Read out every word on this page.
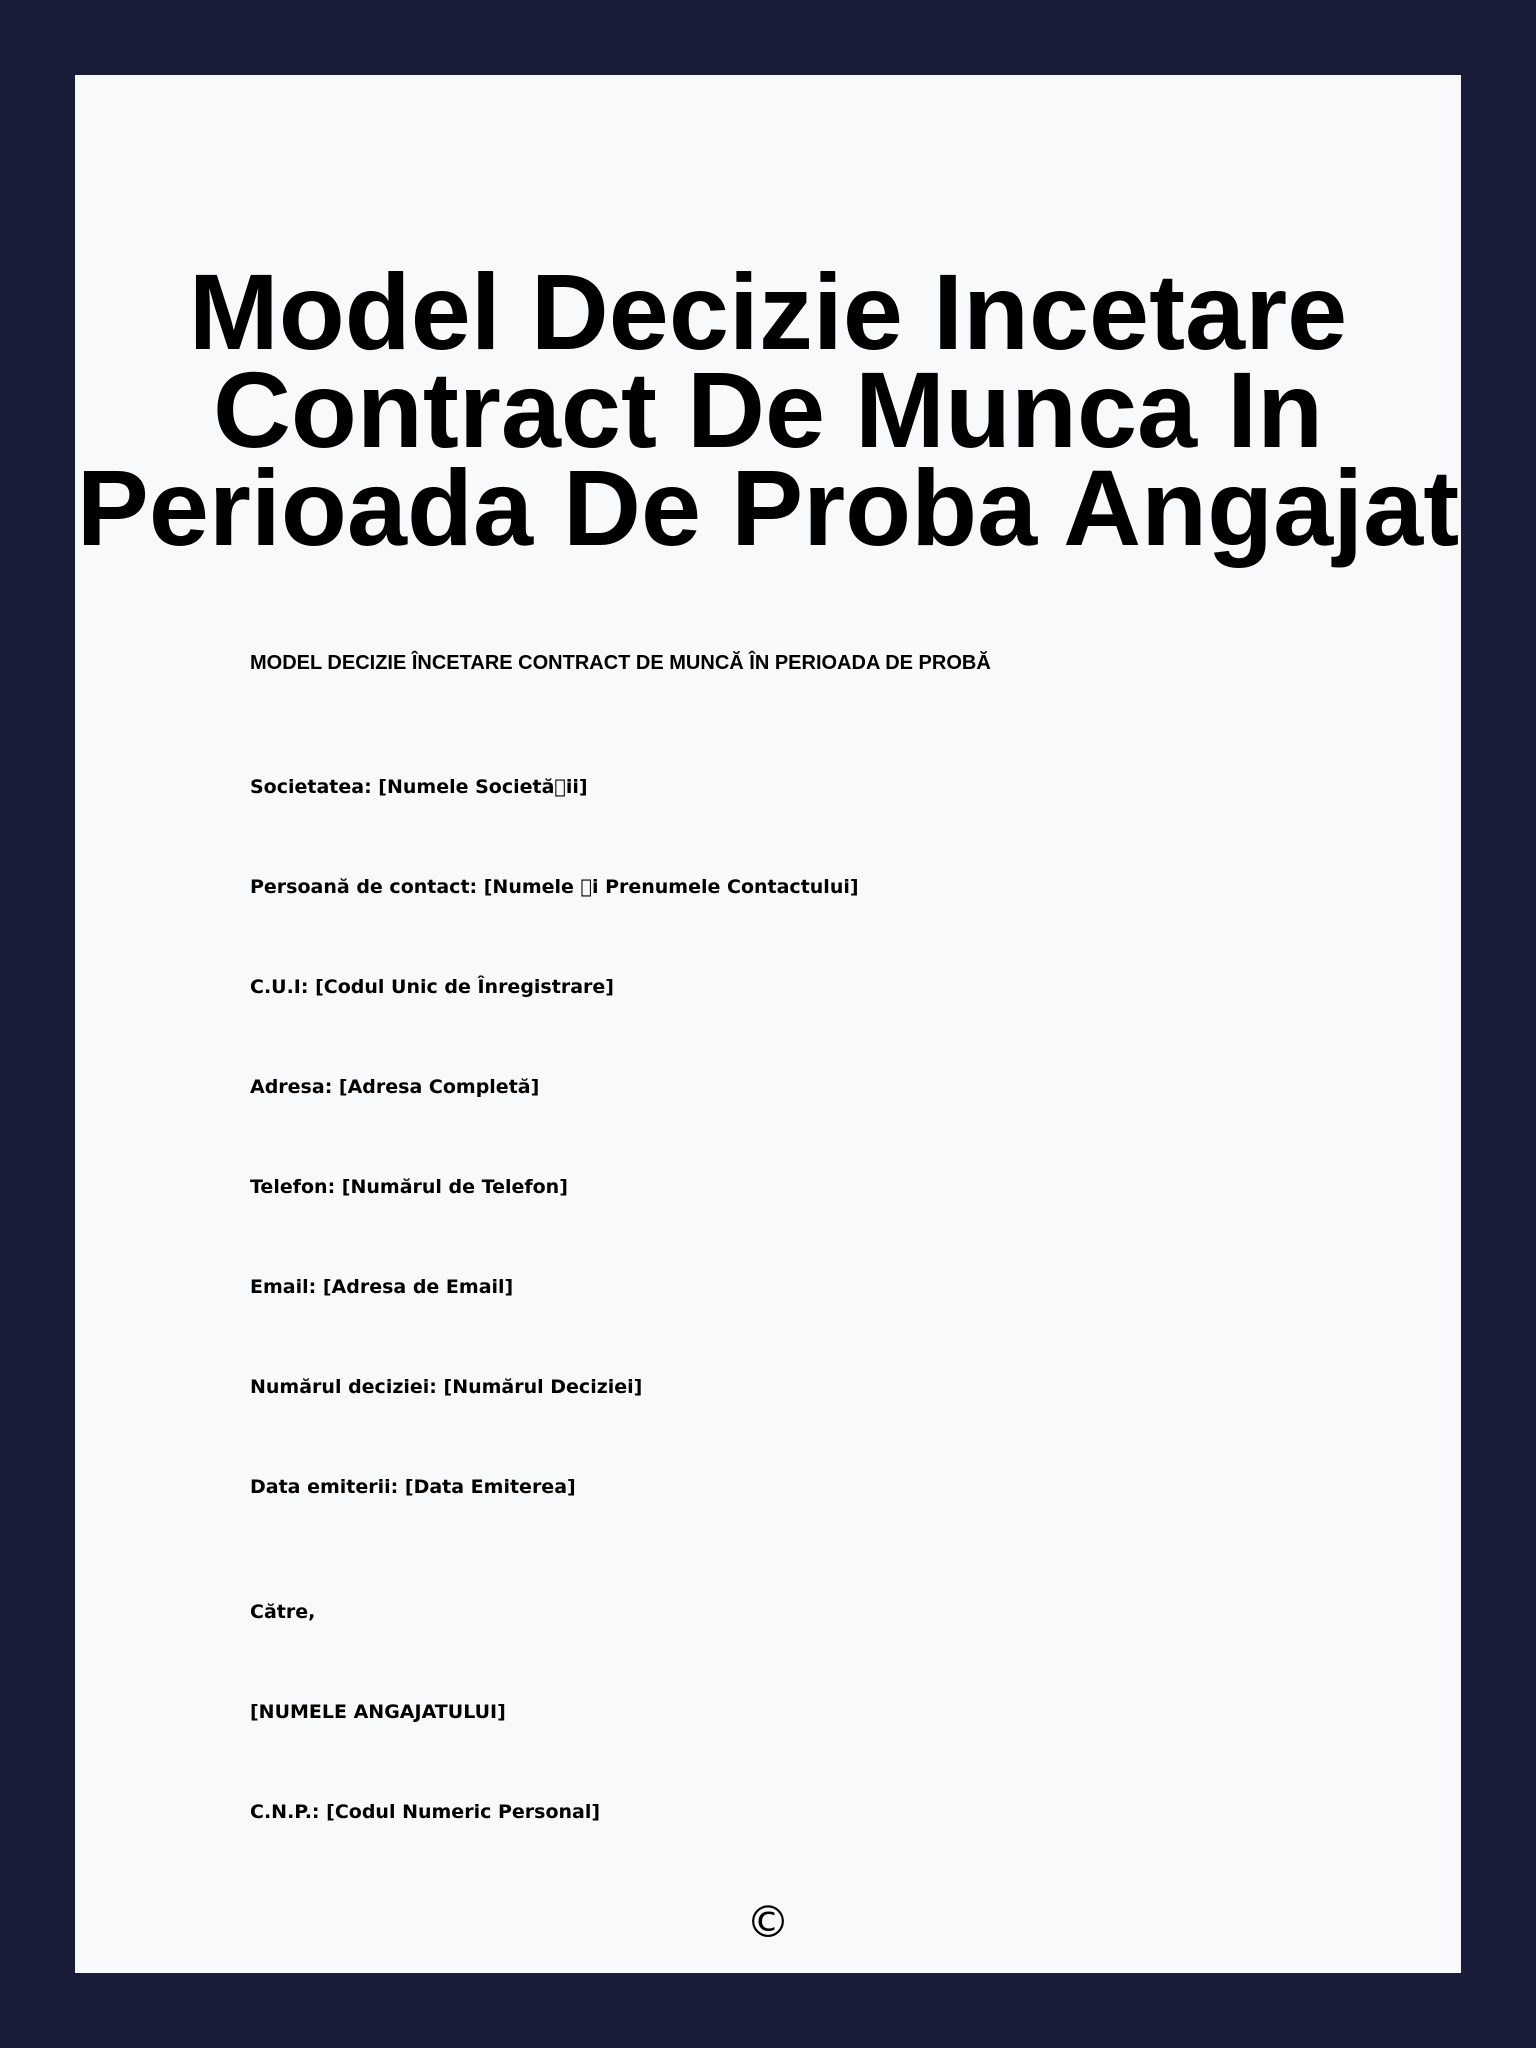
Model Decizie Incetare Contract De Munca In Perioada De Proba Angajat

MODEL DECIZIE ÎNCETARE CONTRACT DE MUNCĂ ÎN PERIOADA DE PROBĂ

Societatea: [Numele Societă ii]

Persoană de contact: [Numele  i Prenumele Contactului]

C.U.I: [Codul Unic de Înregistrare]

Adresa: [Adresa Completă]

Telefon: [Numărul de Telefon]

Email: [Adresa de Email]

Numărul deciziei: [Numărul Deciziei]

Data emiterii: [Data Emiterea]

Către,

[NUMELE ANGAJATULUI]

C.N.P.: [Codul Numeric Personal]

©
